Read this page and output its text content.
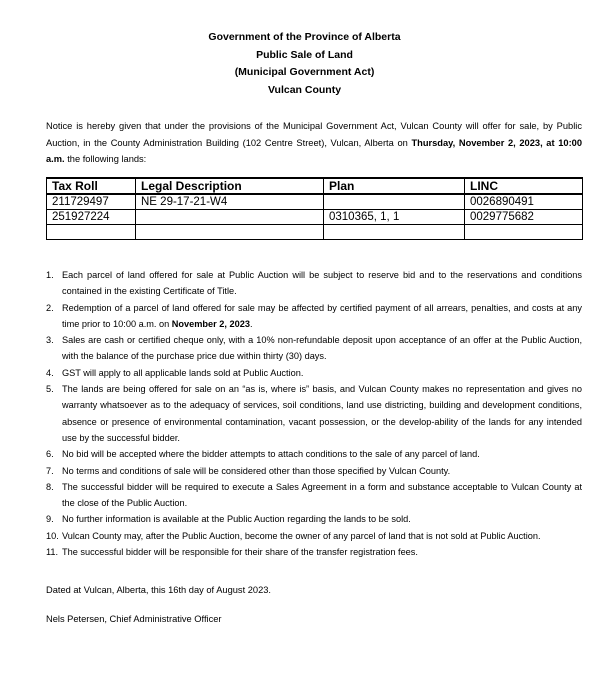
Government of the Province of Alberta
Public Sale of Land
(Municipal Government Act)
Vulcan County
Notice is hereby given that under the provisions of the Municipal Government Act, Vulcan County will offer for sale, by Public Auction, in the County Administration Building (102 Centre Street), Vulcan, Alberta on Thursday, November 2, 2023, at 10:00 a.m. the following lands:
Tax Roll	Legal Description	Plan	LINC
211729497	NE 29-17-21-W4		0026890491
251927224		0310365, 1, 1	0029775682

1. Each parcel of land offered for sale at Public Auction will be subject to reserve bid and to the reservations and conditions contained in the existing Certificate of Title.
2. Redemption of a parcel of land offered for sale may be affected by certified payment of all arrears, penalties, and costs at any time prior to 10:00 a.m. on November 2, 2023.
3. Sales are cash or certified cheque only, with a 10% non-refundable deposit upon acceptance of an offer at the Public Auction, with the balance of the purchase price due within thirty (30) days.
4. GST will apply to all applicable lands sold at Public Auction.
5. The lands are being offered for sale on an “as is, where is” basis, and Vulcan County makes no representation and gives no warranty whatsoever as to the adequacy of services, soil conditions, land use districting, building and development conditions, absence or presence of environmental contamination, vacant possession, or the develop-ability of the lands for any intended use by the successful bidder.
6. No bid will be accepted where the bidder attempts to attach conditions to the sale of any parcel of land.
7. No terms and conditions of sale will be considered other than those specified by Vulcan County.
8. The successful bidder will be required to execute a Sales Agreement in a form and substance acceptable to Vulcan County at the close of the Public Auction.
9. No further information is available at the Public Auction regarding the lands to be sold.
10. Vulcan County may, after the Public Auction, become the owner of any parcel of land that is not sold at Public Auction.
11. The successful bidder will be responsible for their share of the transfer registration fees.
Dated at Vulcan, Alberta, this 16th day of August 2023.
Nels Petersen, Chief Administrative Officer
